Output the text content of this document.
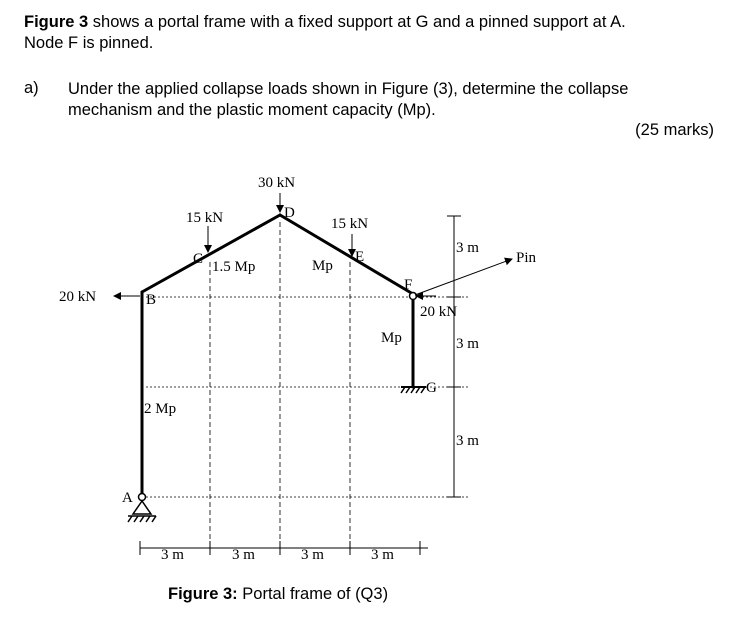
Figure 3 shows a portal frame with a fixed support at G and a pinned support at A.
Node F is pinned.
a) Under the applied collapse loads shown in Figure (3), determine the collapse
mechanism and the plastic moment capacity (Mp).
(25 marks)
30 kN
15 kN	15 kN
20 kN
20 kN
D
C	E
B
F
G
A
1.5 Mp	Mp
Mp
2 Mp
3 m
3 m
3 m
3 m	3 m	3 m	3 m
Pin
Figure 3: Portal frame of (Q3)
